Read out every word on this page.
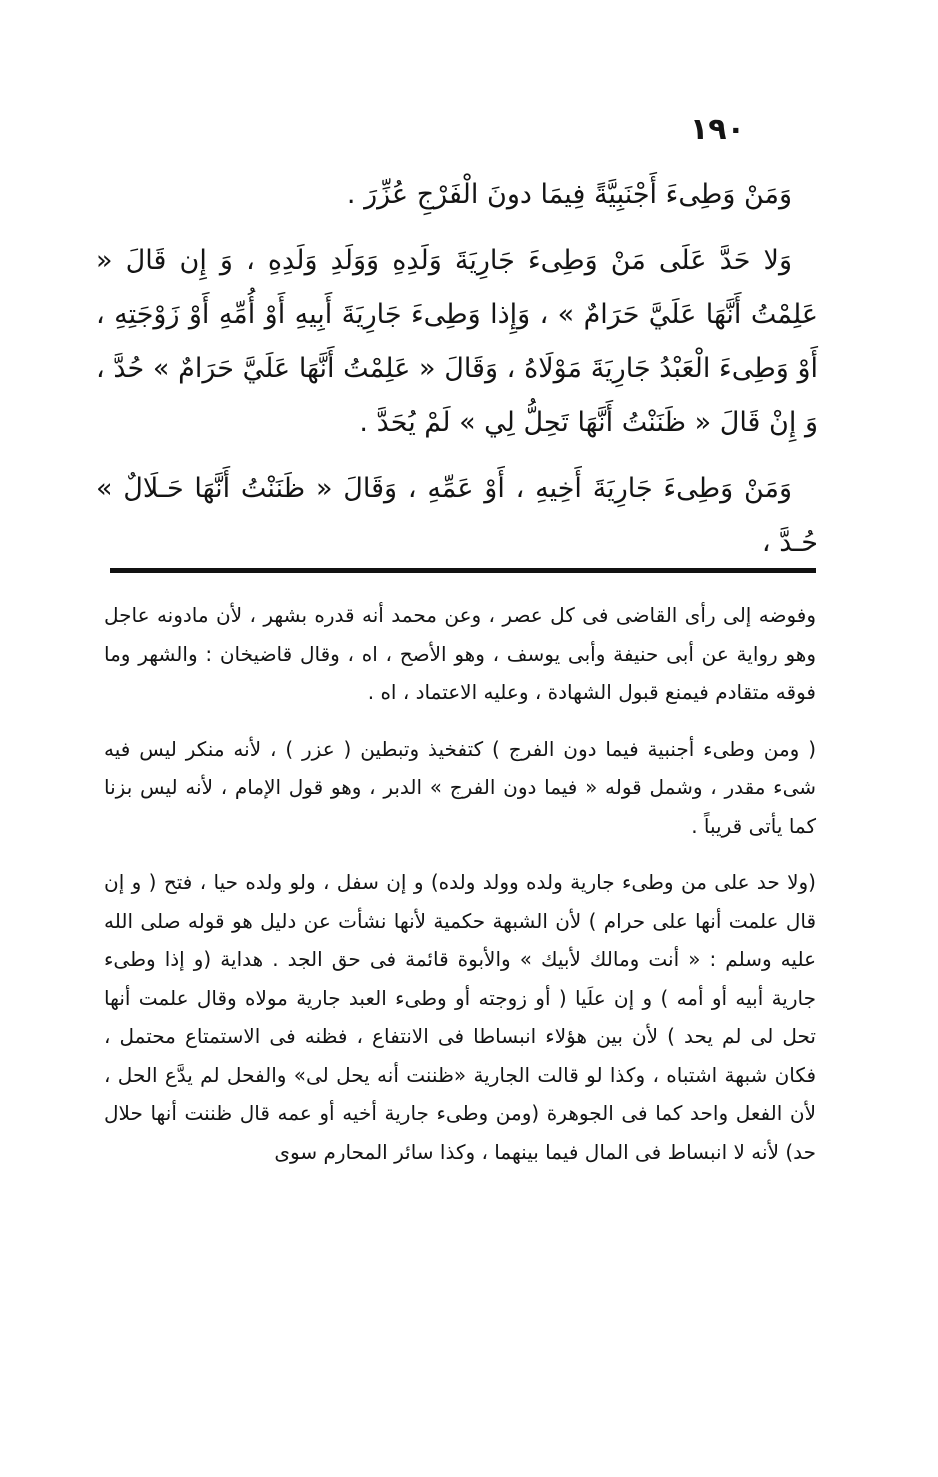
١٩٠

وَمَنْ وَطِىءَ أَجْنَبِيَّةً فِيمَا دونَ الْفَرْجِ عُزِّرَ .

وَلا حَدَّ عَلَى مَنْ وَطِىءَ جَارِيَةَ وَلَدِهِ وَوَلَدِ وَلَدِهِ ، وَ إِن قَالَ « عَلِمْتُ أَنَّهَا عَلَيَّ حَرَامٌ » ، وَإِذا وَطِىءَ جَارِيَةَ أَبِيهِ أَوْ أُمِّهِ أَوْ زَوْجَتِهِ ، أَوْ وَطِىءَ الْعَبْدُ جَارِيَةَ مَوْلَاهُ ، وَقَالَ « عَلِمْتُ أَنَّهَا عَلَيَّ حَرَامٌ » حُدَّ ، وَ إِنْ قَالَ « ظَنَنْتُ أَنَّهَا تَحِلُّ لِي » لَمْ يُحَدَّ .

وَمَنْ وَطِىءَ جَارِيَةَ أَخِيهِ ، أَوْ عَمِّهِ ، وَقَالَ « ظَنَنْتُ أَنَّهَا حَـلَالٌ » حُـدَّ ،

وفوضه إلى رأى القاضى فى كل عصر ، وعن محمد أنه قدره بشهر ، لأن مادونه عاجل وهو رواية عن أبى حنيفة وأبى يوسف ، وهو الأصح ، اه ، وقال قاضيخان : والشهر وما فوقه متقادم فيمنع قبول الشهادة ، وعليه الاعتماد ، اه .

( ومن وطىء أجنبية فيما دون الفرج ) كتفخيذ وتبطين ( عزر ) ، لأنه منكر ليس فيه شىء مقدر ، وشمل قوله « فيما دون الفرج » الدبر ، وهو قول الإمام ، لأنه ليس بزنا كما يأتى قريباً .

(ولا حد على من وطىء جارية ولده وولد ولده) و إن سفل ، ولو ولده حيا ، فتح ( و إن قال علمت أنها على حرام ) لأن الشبهة حكمية لأنها نشأت عن دليل هو قوله صلى الله عليه وسلم : « أنت ومالك لأبيك » والأبوة قائمة فى حق الجد . هداية (و إذا وطىء جارية أبيه أو أمه ) و إن علَيا ( أو زوجته أو وطىء العبد جارية مولاه وقال علمت أنها تحل لى لم يحد ) لأن بين هؤلاء انبساطا فى الانتفاع ، فظنه فى الاستمتاع محتمل ، فكان شبهة اشتباه ، وكذا لو قالت الجارية «ظننت أنه يحل لى» والفحل لم يدَّع الحل ، لأن الفعل واحد كما فى الجوهرة (ومن وطىء جارية أخيه أو عمه قال ظننت أنها حلال حد) لأنه لا انبساط فى المال فيما بينهما ، وكذا سائر المحارم سوى
